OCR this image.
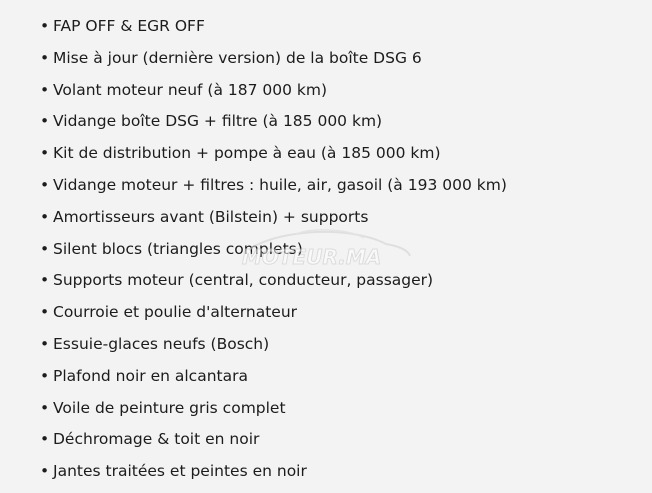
• FAP OFF & EGR OFF
• Mise à jour (dernière version) de la boîte DSG 6
• Volant moteur neuf (à 187 000 km)
• Vidange boîte DSG + filtre (à 185 000 km)
• Kit de distribution + pompe à eau (à 185 000 km)
• Vidange moteur + filtres : huile, air, gasoil (à 193 000 km)
• Amortisseurs avant (Bilstein) + supports
• Silent blocs (triangles complets)
• Supports moteur (central, conducteur, passager)
• Courroie et poulie d'alternateur
• Essuie-glaces neufs (Bosch)
• Plafond noir en alcantara
• Voile de peinture gris complet
• Déchromage & toit en noir
• Jantes traitées et peintes en noir
MOTEUR.MA
